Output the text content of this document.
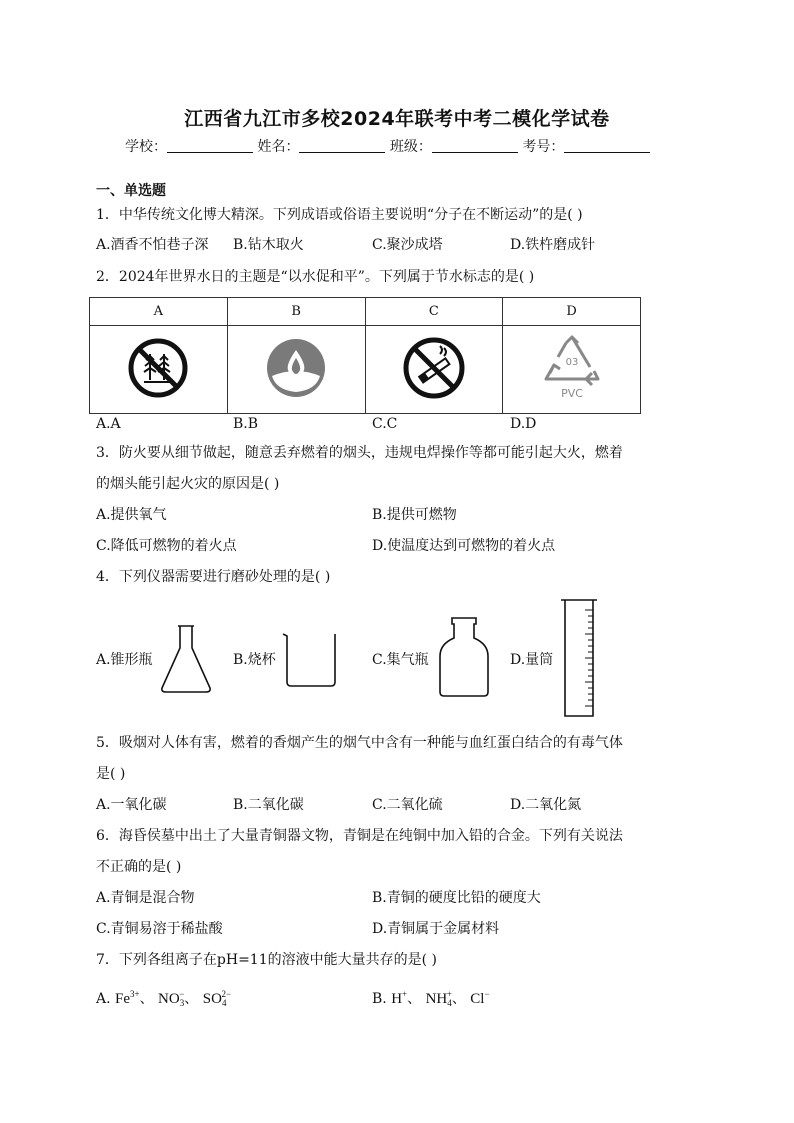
江西省九江市多校2024年联考中考二模化学试卷
学校：	姓名：	班级：	考号：
一、单选题
1．中华传统文化博大精深。下列成语或俗语主要说明“分子在不断运动”的是( )
A.酒香不怕巷子深 B.钻木取火	C.聚沙成塔	D.铁杵磨成针
2．2024年世界水日的主题是“以水促和平”。下列属于节水标志的是( )
A	B	C	D

03
PVC
A.A	B.B	C.C	D.D
3．防火要从细节做起，随意丢弃燃着的烟头，违规电焊操作等都可能引起大火，燃着
的烟头能引起火灾的原因是( )
A.提供氧气	B.提供可燃物
C.降低可燃物的着火点	D.使温度达到可燃物的着火点
4．下列仪器需要进行磨砂处理的是( )
A.锥形瓶	B.烧杯	C.集气瓶	D.量筒
5．吸烟对人体有害，燃着的香烟产生的烟气中含有一种能与血红蛋白结合的有毒气体
是( )
A.一氧化碳	B.二氧化碳	C.二氧化硫	D.二氧化氮
6．海昏侯墓中出土了大量青铜器文物，青铜是在纯铜中加入铅的合金。下列有关说法
不正确的是( )
A.青铜是混合物	B.青铜的硬度比铅的硬度大
C.青铜易溶于稀盐酸	D.青铜属于金属材料
7．下列各组离子在pH=11的溶液中能大量共存的是( )
A. $Fe^{3+}$、 $NO_3^-$、 $SO_4^{2-}$	B. H+、 $NH_4^+$、 Cl−
